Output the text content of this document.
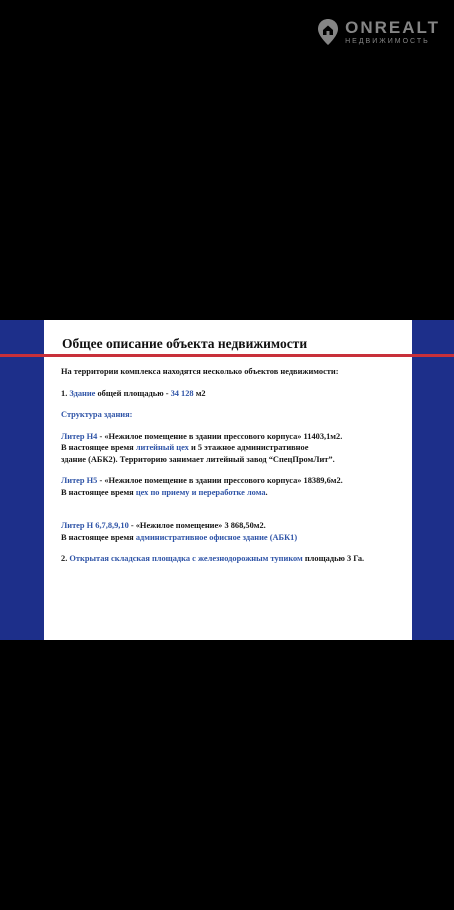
ONREALT
НЕДВИЖИМОСТЬ
Общее описание объекта недвижимости

На территории комплекса находятся несколько объектов недвижимости:

1. Здание общей площадью - 34 128 м2

Структура здания:

Литер Н4 - «Нежилое помещение в здании прессового корпуса» 11403,1м2.

В настоящее время литейный цех и 5 этажное административное

здание (АБК2). Территорию занимает литейный завод “СпецПромЛит”.

Литер Н5 - «Нежилое помещение в здании прессового корпуса» 18389,6м2.

В настоящее время цех по приему и переработке лома.

Литер Н 6,7,8,9,10 - «Нежилое помещение» 3 868,50м2.

В настоящее время административное офисное здание (АБК1)

2. Открытая складская площадка с железнодорожным тупиком площадью 3 Га.
